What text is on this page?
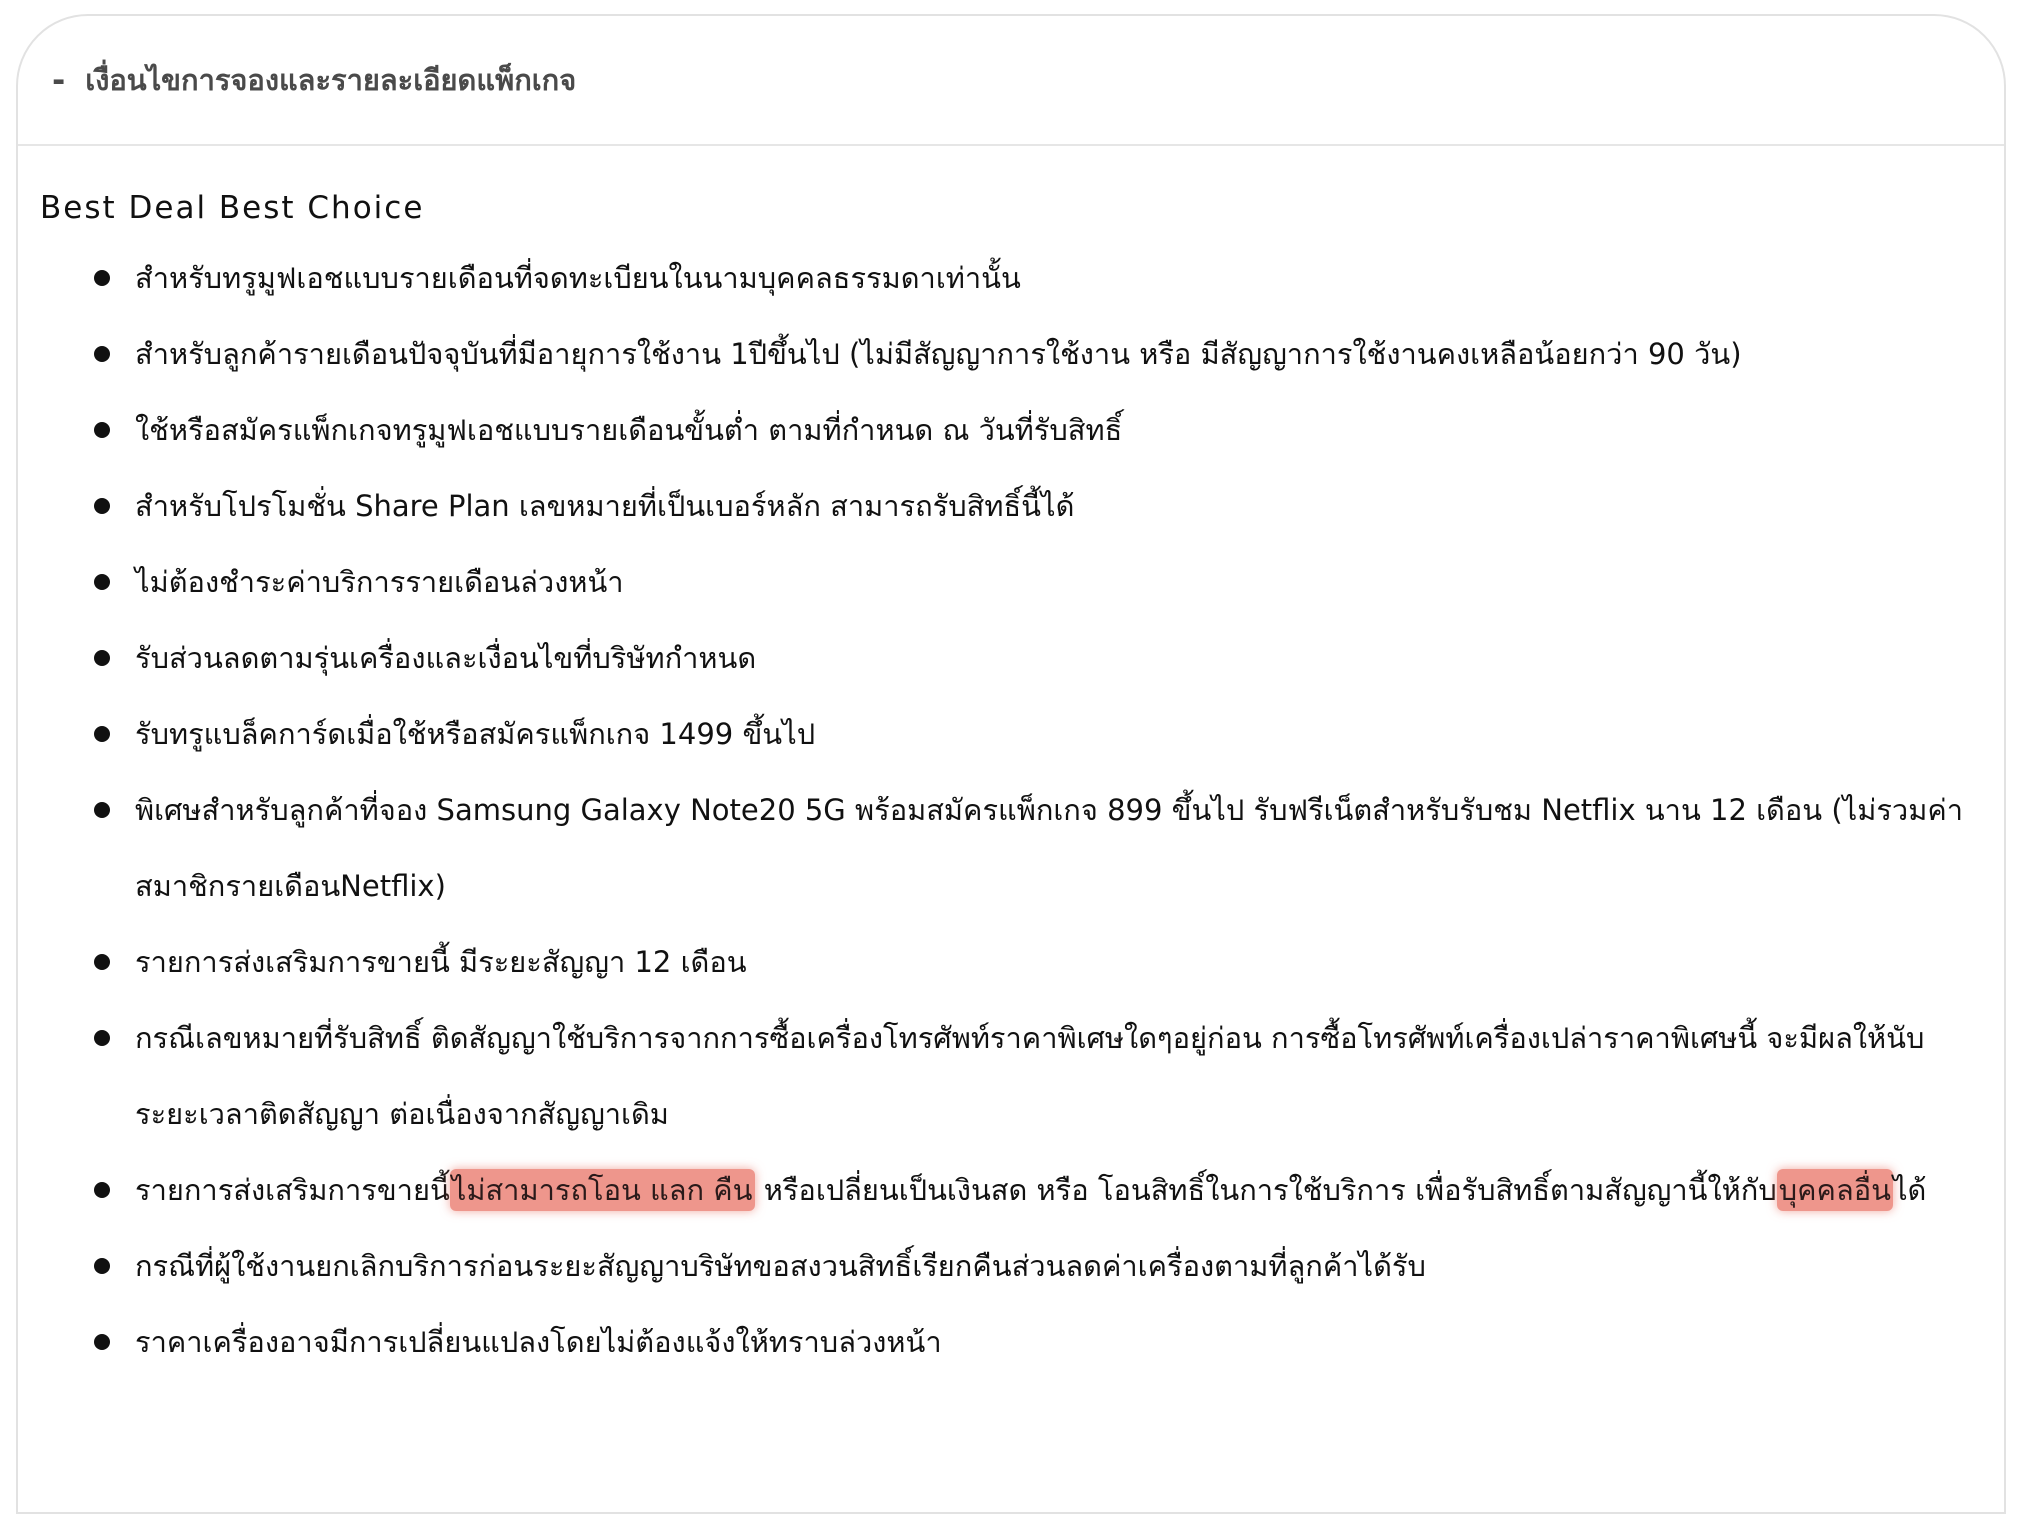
- เงื่อนไขการจองและรายละเอียดแพ็กเกจ
Best Deal Best Choice
สำหรับทรูมูฟเอชแบบรายเดือนที่จดทะเบียนในนามบุคคลธรรมดาเท่านั้น
สำหรับลูกค้ารายเดือนปัจจุบันที่มีอายุการใช้งาน 1ปีขึ้นไป (ไม่มีสัญญาการใช้งาน หรือ มีสัญญาการใช้งานคงเหลือน้อยกว่า 90 วัน)
ใช้หรือสมัครแพ็กเกจทรูมูฟเอชแบบรายเดือนขั้นต่ำ ตามที่กำหนด ณ วันที่รับสิทธิ์
สำหรับโปรโมชั่น Share Plan เลขหมายที่เป็นเบอร์หลัก สามารถรับสิทธิ์นี้ได้
ไม่ต้องชำระค่าบริการรายเดือนล่วงหน้า
รับส่วนลดตามรุ่นเครื่องและเงื่อนไขที่บริษัทกำหนด
รับทรูแบล็คการ์ดเมื่อใช้หรือสมัครแพ็กเกจ 1499 ขึ้นไป
พิเศษสำหรับลูกค้าที่จอง Samsung Galaxy Note20 5G พร้อมสมัครแพ็กเกจ 899 ขึ้นไป รับฟรีเน็ตสำหรับรับชม Netflix นาน 12 เดือน (ไม่รวมค่าสมาชิกรายเดือนNetflix)
รายการส่งเสริมการขายนี้ มีระยะสัญญา 12 เดือน
กรณีเลขหมายที่รับสิทธิ์ ติดสัญญาใช้บริการจากการซื้อเครื่องโทรศัพท์ราคาพิเศษใดๆอยู่ก่อน การซื้อโทรศัพท์เครื่องเปล่าราคาพิเศษนี้ จะมีผลให้นับระยะเวลาติดสัญญา ต่อเนื่องจากสัญญาเดิม
รายการส่งเสริมการขายนี้ไม่สามารถโอน แลก คืน หรือเปลี่ยนเป็นเงินสด หรือ โอนสิทธิ์ในการใช้บริการ เพื่อรับสิทธิ์ตามสัญญานี้ให้กับบุคคลอื่นได้
กรณีที่ผู้ใช้งานยกเลิกบริการก่อนระยะสัญญาบริษัทขอสงวนสิทธิ์เรียกคืนส่วนลดค่าเครื่องตามที่ลูกค้าได้รับ
ราคาเครื่องอาจมีการเปลี่ยนแปลงโดยไม่ต้องแจ้งให้ทราบล่วงหน้า
